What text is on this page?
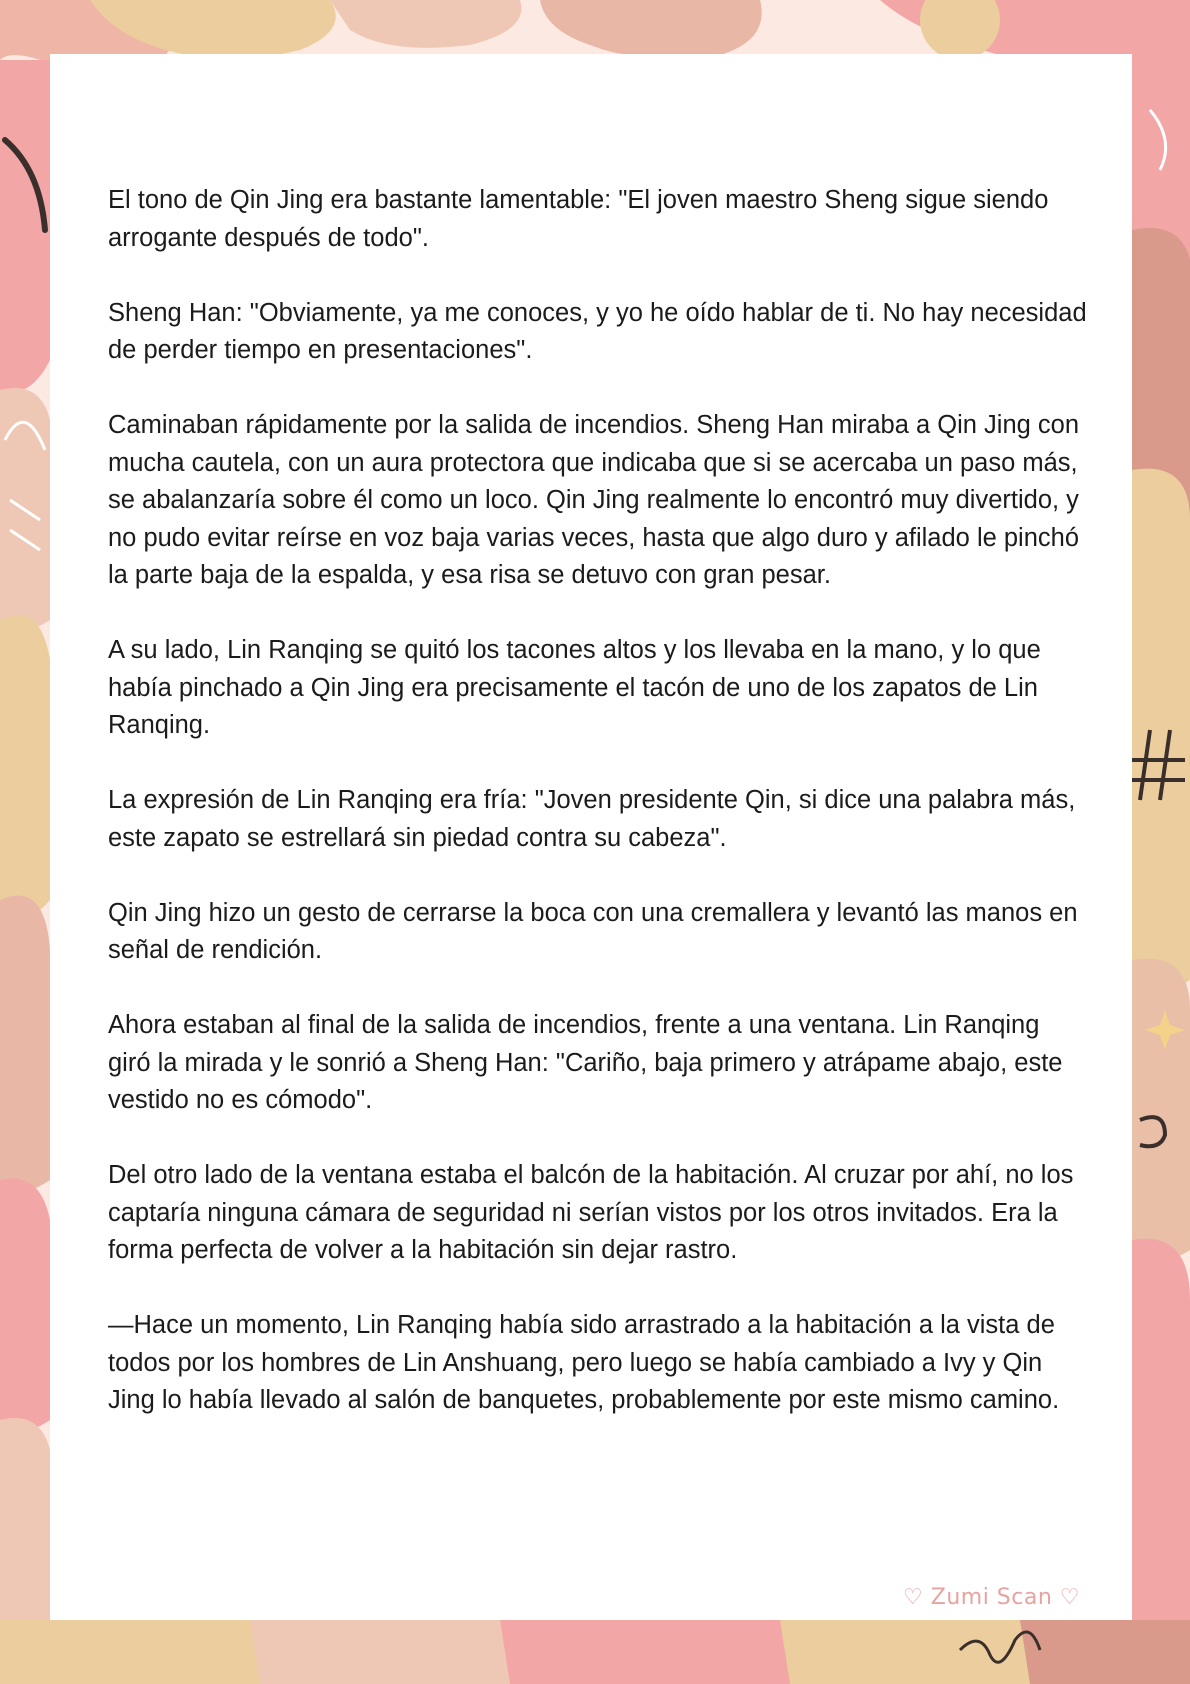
El tono de Qin Jing era bastante lamentable: "El joven maestro Sheng sigue siendo arrogante después de todo".

Sheng Han: "Obviamente, ya me conoces, y yo he oído hablar de ti. No hay necesidad de perder tiempo en presentaciones".

Caminaban rápidamente por la salida de incendios. Sheng Han miraba a Qin Jing con mucha cautela, con un aura protectora que indicaba que si se acercaba un paso más, se abalanzaría sobre él como un loco. Qin Jing realmente lo encontró muy divertido, y no pudo evitar reírse en voz baja varias veces, hasta que algo duro y afilado le pinchó la parte baja de la espalda, y esa risa se detuvo con gran pesar.

A su lado, Lin Ranqing se quitó los tacones altos y los llevaba en la mano, y lo que había pinchado a Qin Jing era precisamente el tacón de uno de los zapatos de Lin Ranqing.

La expresión de Lin Ranqing era fría: "Joven presidente Qin, si dice una palabra más, este zapato se estrellará sin piedad contra su cabeza".

Qin Jing hizo un gesto de cerrarse la boca con una cremallera y levantó las manos en señal de rendición.

Ahora estaban al final de la salida de incendios, frente a una ventana. Lin Ranqing giró la mirada y le sonrió a Sheng Han: "Cariño, baja primero y atrápame abajo, este vestido no es cómodo".

Del otro lado de la ventana estaba el balcón de la habitación. Al cruzar por ahí, no los captaría ninguna cámara de seguridad ni serían vistos por los otros invitados. Era la forma perfecta de volver a la habitación sin dejar rastro.

—Hace un momento, Lin Ranqing había sido arrastrado a la habitación a la vista de todos por los hombres de Lin Anshuang, pero luego se había cambiado a Ivy y Qin Jing lo había llevado al salón de banquetes, probablemente por este mismo camino.

♡ Zumi Scan ♡
